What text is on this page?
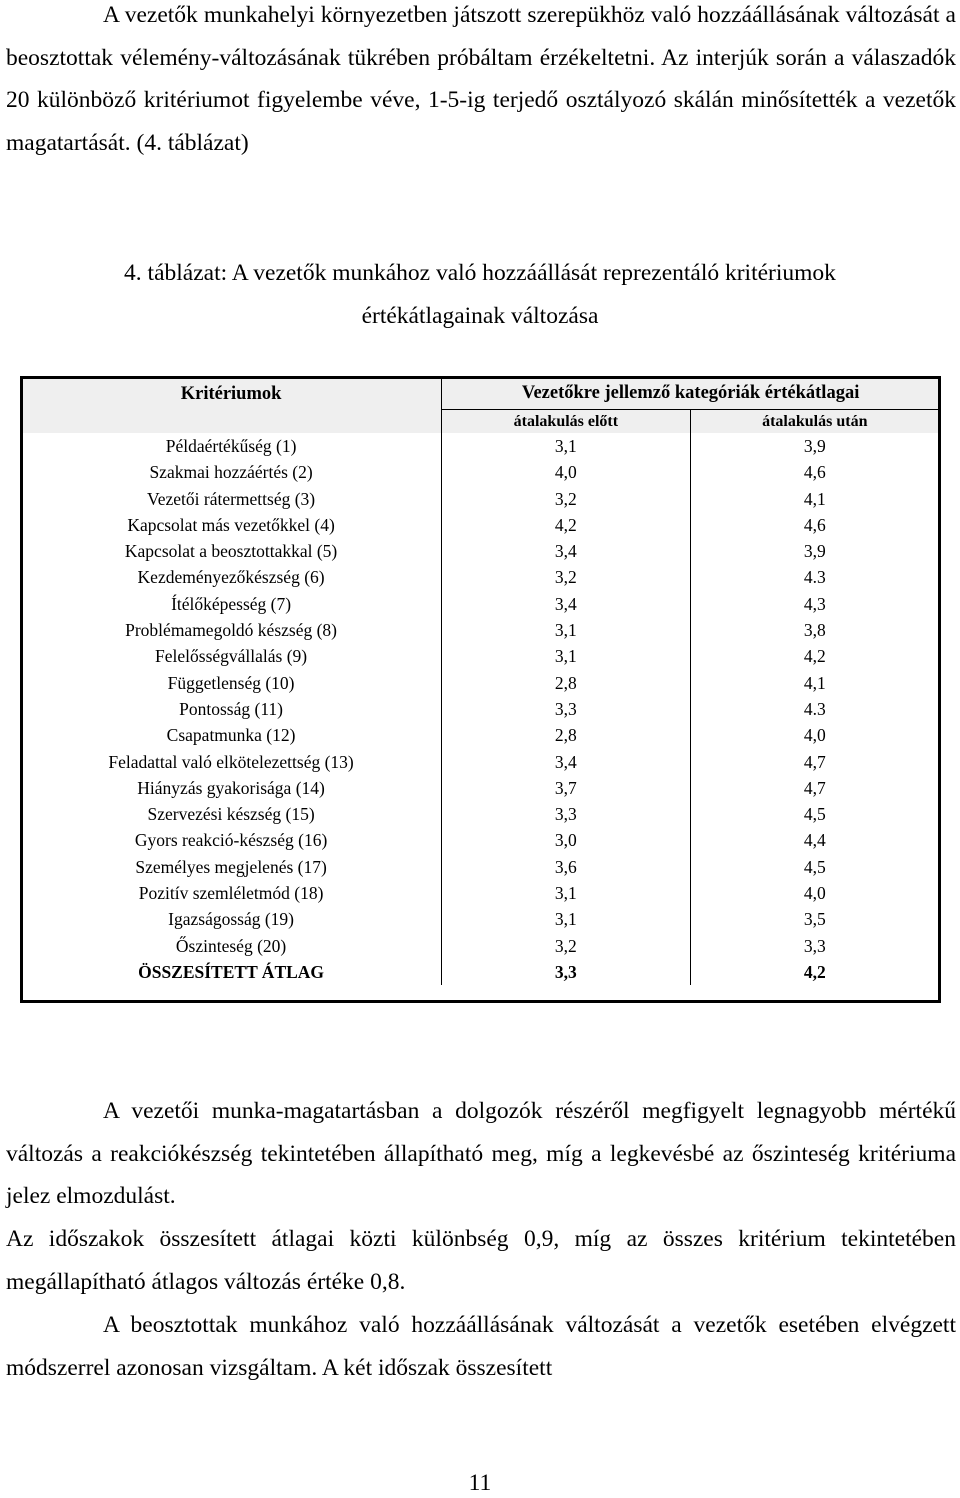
A vezetők munkahelyi környezetben játszott szerepükhöz való hozzáállásának változását a beosztottak vélemény-változásának tükrében próbáltam érzékeltetni. Az interjúk során a válaszadók 20 különböző kritériumot figyelembe véve, 1-5-ig terjedő osztályozó skálán minősítették a vezetők magatartását. (4. táblázat)

4. táblázat: A vezetők munkához való hozzáállását reprezentáló kritériumok
értékátlagainak változása
Kritériumok	Vezetőkre jellemző kategóriák értékátlagai	
	átalakulás előtt	átalakulás után
Példaértékűség (1)	3,1	3,9
Szakmai hozzáértés (2)	4,0	4,6
Vezetői rátermettség (3)	3,2	4,1
Kapcsolat más vezetőkkel (4)	4,2	4,6
Kapcsolat a beosztottakkal (5)	3,4	3,9
Kezdeményezőkészség (6)	3,2	4.3
Ítélőképesség (7)	3,4	4,3
Problémamegoldó készség (8)	3,1	3,8
Felelősségvállalás (9)	3,1	4,2
Függetlenség (10)	2,8	4,1
Pontosság (11)	3,3	4.3
Csapatmunka (12)	2,8	4,0
Feladattal való elkötelezettség (13)	3,4	4,7
Hiányzás gyakorisága (14)	3,7	4,7
Szervezési készség (15)	3,3	4,5
Gyors reakció-készség (16)	3,0	4,4
Személyes megjelenés (17)	3,6	4,5
Pozitív szemléletmód (18)	3,1	4,0
Igazságosság (19)	3,1	3,5
Őszinteség (20)	3,2	3,3
ÖSSZESÍTETT ÁTLAG	3,3	4,2

A vezetői munka-magatartásban a dolgozók részéről megfigyelt legnagyobb mértékű változás a reakciókészség tekintetében állapítható meg, míg a legkevésbé az őszinteség kritériuma jelez elmozdulást.

Az időszakok összesített átlagai közti különbség 0,9, míg az összes kritérium tekintetében megállapítható átlagos változás értéke 0,8.

A beosztottak munkához való hozzáállásának változását a vezetők esetében elvégzett módszerrel azonosan vizsgáltam. A két időszak összesített

11
